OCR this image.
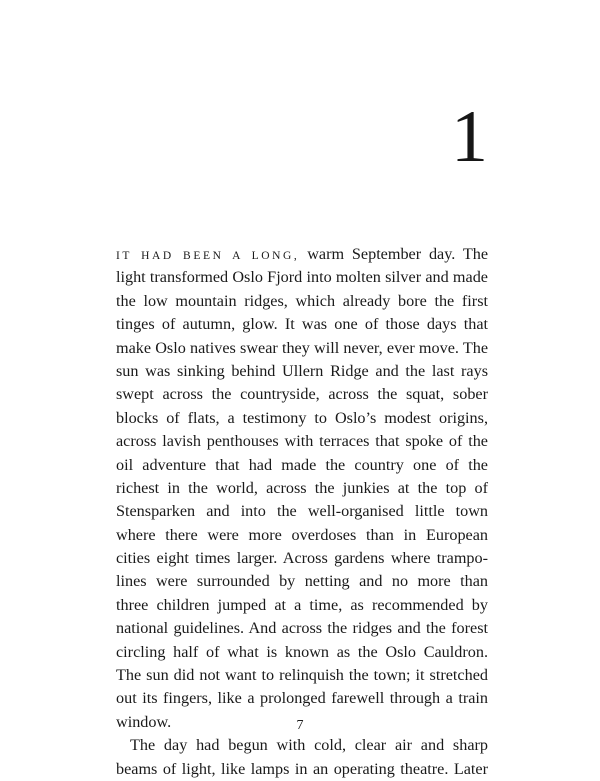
1
IT HAD BEEN A LONG, warm September day. The
light transformed Oslo Fjord into molten silver and made
the low mountain ridges, which already bore the first
tinges of autumn, glow. It was one of those days that
make Oslo natives swear they will never, ever move. The
sun was sinking behind Ullern Ridge and the last rays
swept across the countryside, across the squat, sober
blocks of flats, a testimony to Oslo’s modest origins,
across lavish penthouses with terraces that spoke of the
oil adventure that had made the country one of the
richest in the world, across the junkies at the top of
Stensparken and into the well-organised little town
where there were more overdoses than in European
cities eight times larger. Across gardens where trampo-
lines were surrounded by netting and no more than
three children jumped at a time, as recommended by
national guidelines. And across the ridges and the forest
circling half of what is known as the Oslo Cauldron.
The sun did not want to relinquish the town; it stretched
out its fingers, like a prolonged farewell through a train
window.
The day had begun with cold, clear air and sharp
beams of light, like lamps in an operating theatre. Later
7
